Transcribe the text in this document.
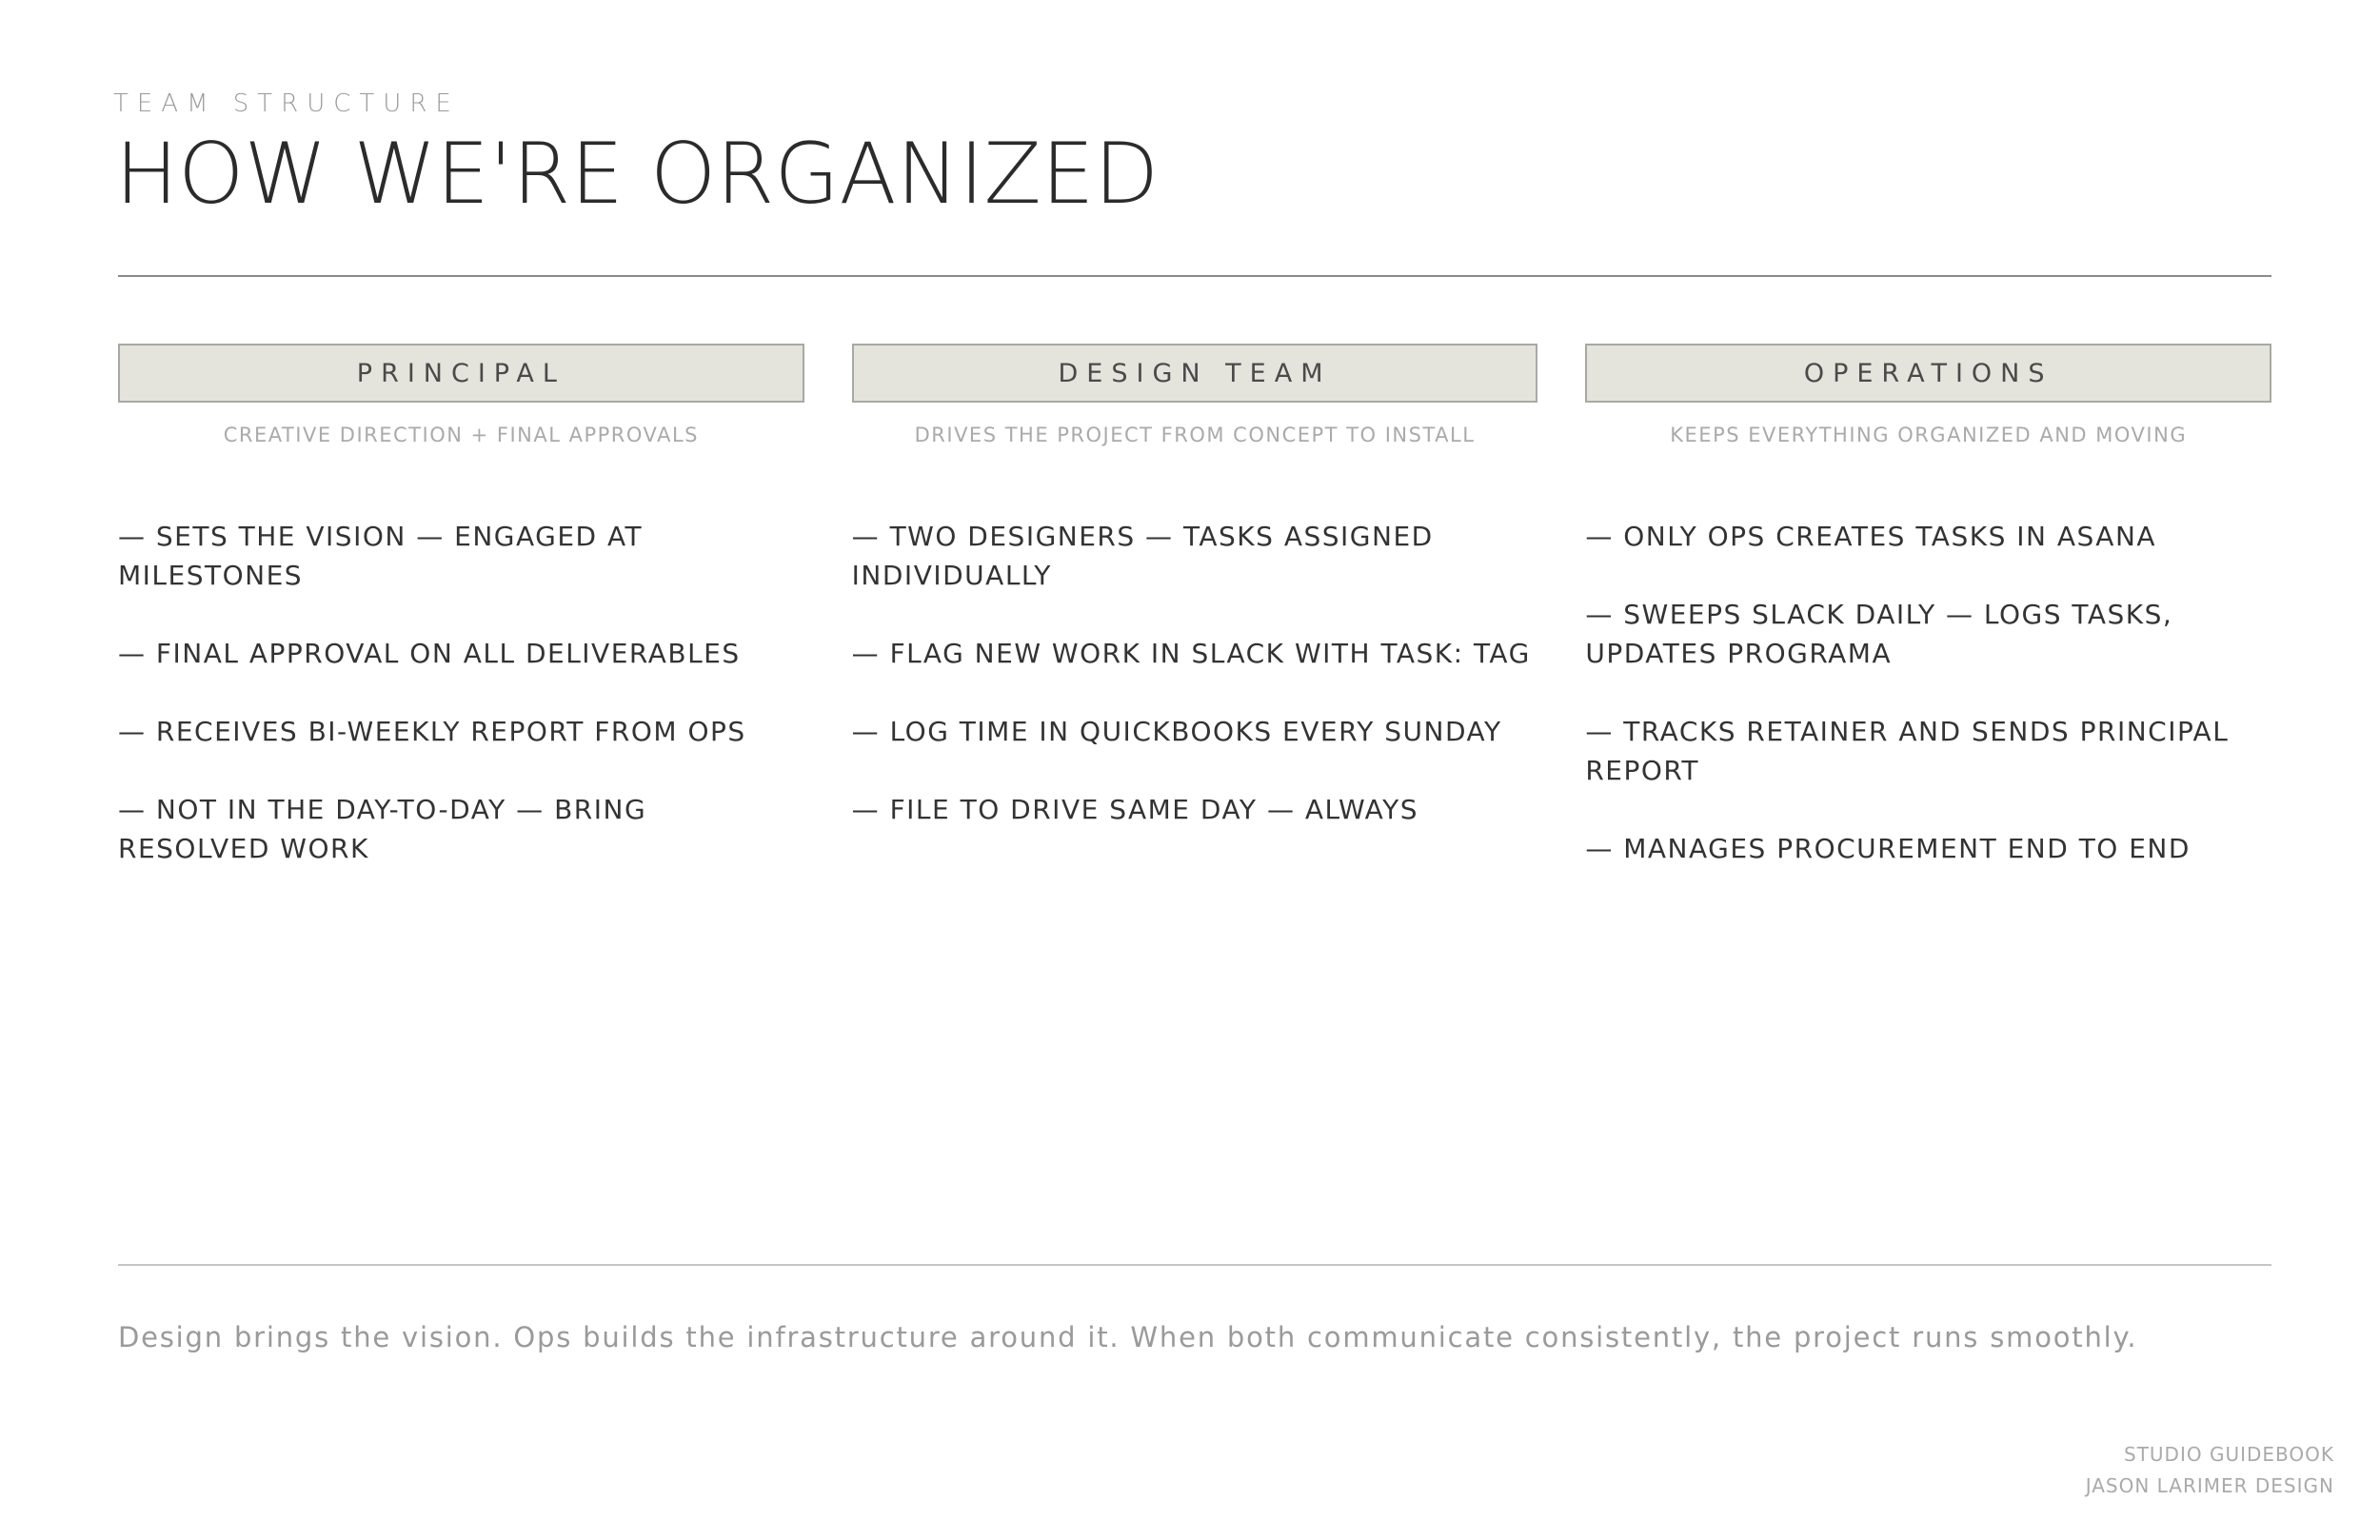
TEAM STRUCTURE
HOW WE'RE ORGANIZED
PRINCIPAL
CREATIVE DIRECTION + FINAL APPROVALS
— SETS THE VISION — ENGAGED AT MILESTONES
— FINAL APPROVAL ON ALL DELIVERABLES
— RECEIVES BI-WEEKLY REPORT FROM OPS
— NOT IN THE DAY-TO-DAY — BRING RESOLVED WORK
DESIGN TEAM
DRIVES THE PROJECT FROM CONCEPT TO INSTALL
— TWO DESIGNERS — TASKS ASSIGNED INDIVIDUALLY
— FLAG NEW WORK IN SLACK WITH TASK: TAG
— LOG TIME IN QUICKBOOKS EVERY SUNDAY
— FILE TO DRIVE SAME DAY — ALWAYS
OPERATIONS
KEEPS EVERYTHING ORGANIZED AND MOVING
— ONLY OPS CREATES TASKS IN ASANA
— SWEEPS SLACK DAILY — LOGS TASKS, UPDATES PROGRAMA
— TRACKS RETAINER AND SENDS PRINCIPAL REPORT
— MANAGES PROCUREMENT END TO END
Design brings the vision. Ops builds the infrastructure around it. When both communicate consistently, the project runs smoothly.
STUDIO GUIDEBOOK
JASON LARIMER DESIGN
